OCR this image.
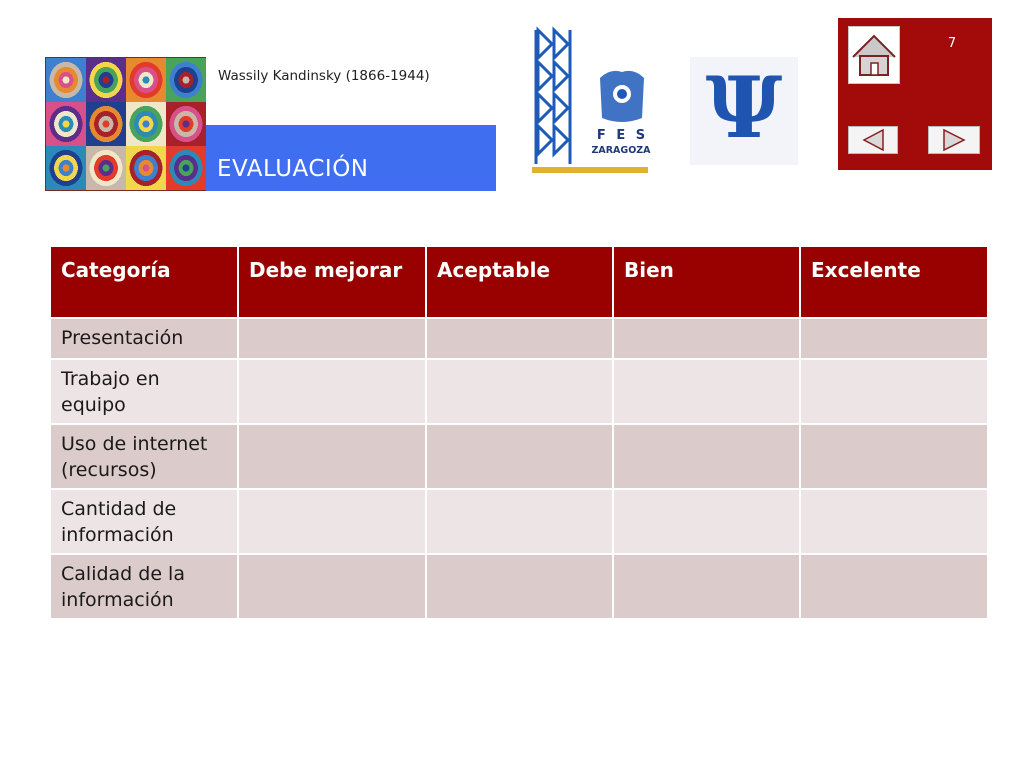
Wassily Kandinsky (1866-1944)
EVALUACIÓN
F E S
ZARAGOZA Ψ
7
Categoría	Debe mejorar	Aceptable	Bien	Excelente
Presentación				
Trabajo en equipo				
Uso de internet (recursos)				
Cantidad de información				
Calidad de la información				
